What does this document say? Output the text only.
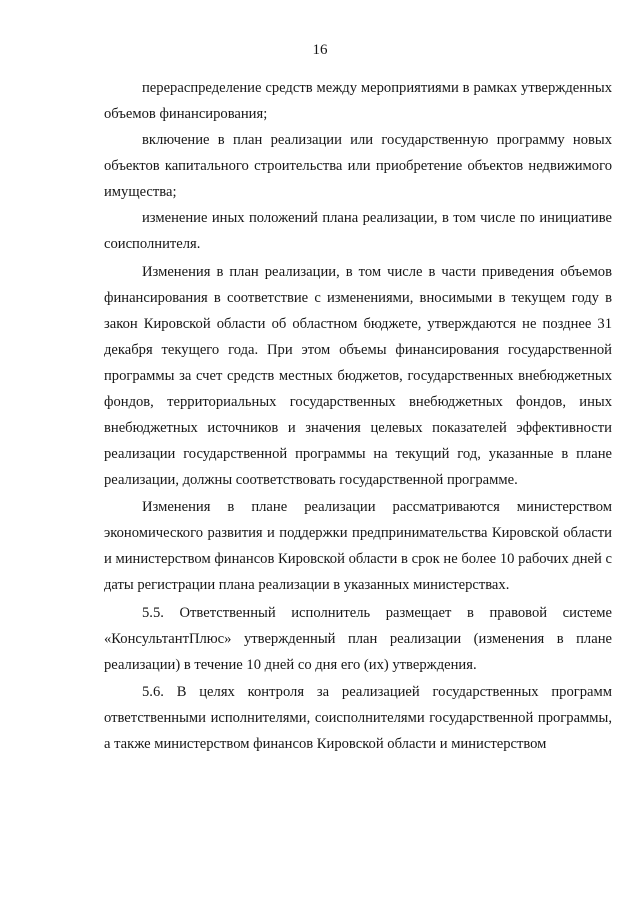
16

перераспределение средств между мероприятиями в рамках утвержденных объемов финансирования;

включение в план реализации или государственную программу новых объектов капитального строительства или приобретение объектов недвижимого имущества;

изменение иных положений плана реализации, в том числе по инициативе соисполнителя.

Изменения в план реализации, в том числе в части приведения объемов финансирования в соответствие с изменениями, вносимыми в текущем году в закон Кировской области об областном бюджете, утверждаются не позднее 31 декабря текущего года. При этом объемы финансирования государственной программы за счет средств местных бюджетов, государственных внебюджетных фондов, территориальных государственных внебюджетных фондов, иных внебюджетных источников и значения целевых показателей эффективности реализации государственной программы на текущий год, указанные в плане реализации, должны соответствовать государственной программе.

Изменения в плане реализации рассматриваются министерством экономического развития и поддержки предпринимательства Кировской области и министерством финансов Кировской области в срок не более 10 рабочих дней с даты регистрации плана реализации в указанных министерствах.

5.5. Ответственный исполнитель размещает в правовой системе «КонсультантПлюс» утвержденный план реализации (изменения в плане реализации) в течение 10 дней со дня его (их) утверждения.

5.6. В целях контроля за реализацией государственных программ ответственными исполнителями, соисполнителями государственной программы, а также министерством финансов Кировской области и министерством
